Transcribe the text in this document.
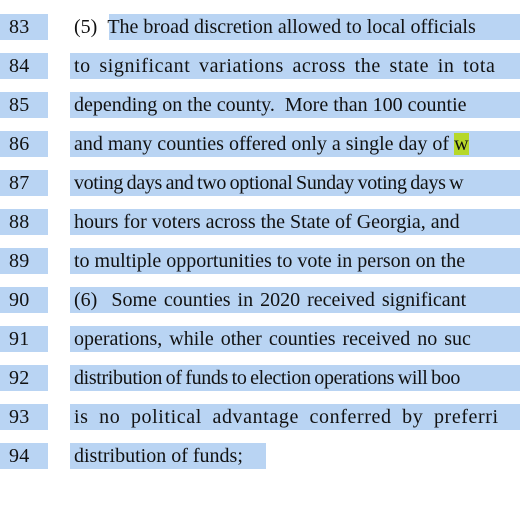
83 (5) The broad discretion allowed to local officials
84 to significant variations across the state in tota
85 depending on the county.  More than 100 countie
86 and many counties offered only a single day of w
87 voting days and two optional Sunday voting days w
88 hours for voters across the State of Georgia, and
89 to multiple opportunities to vote in person on the
90 (6) Some counties in 2020 received significant
91 operations, while other counties received no suc
92 distribution of funds to election operations will boo
93 is no political advantage conferred by preferri
94 distribution of funds;
